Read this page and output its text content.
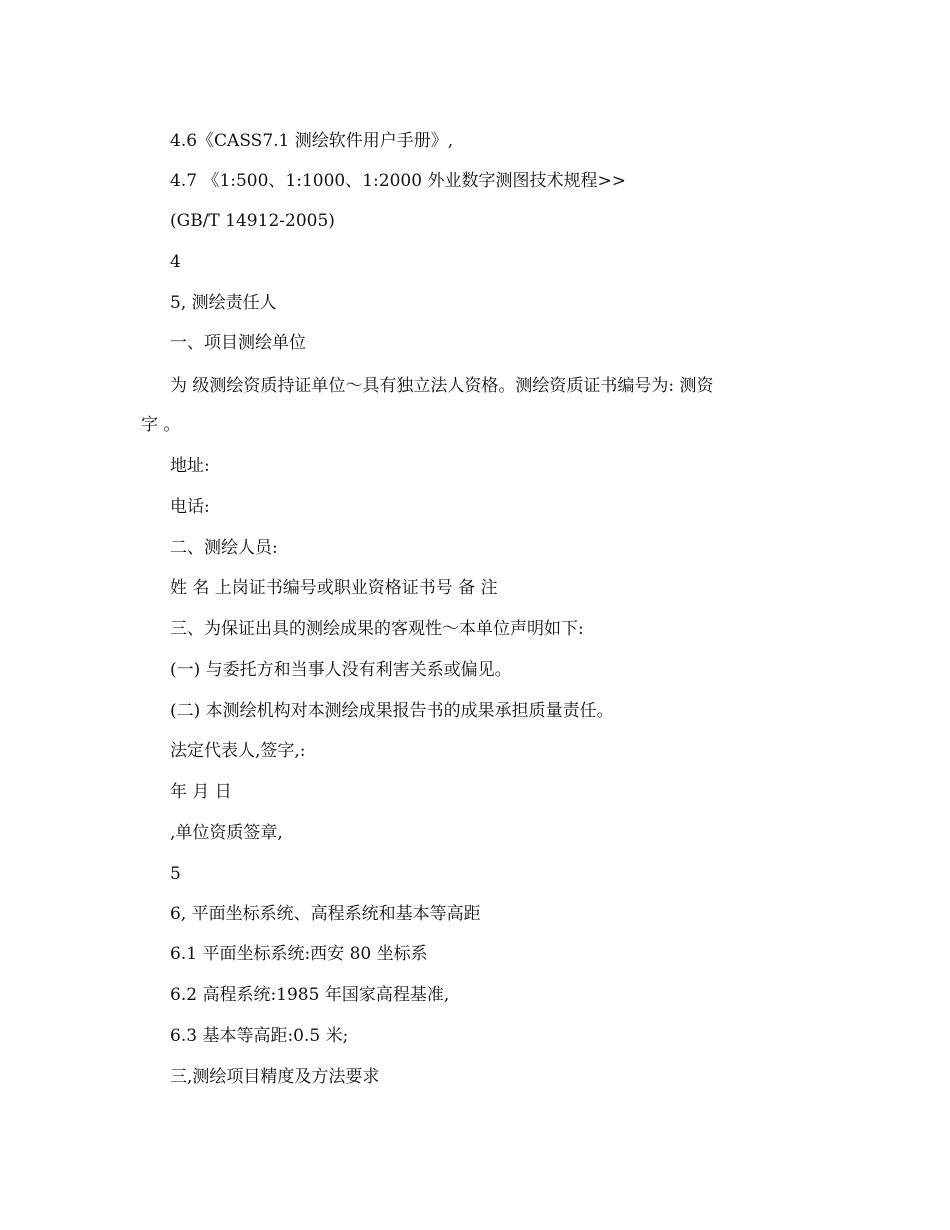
4.6《CASS7.1 测绘软件用户手册》,
4.7 《1:500、1:1000、1:2000 外业数字测图技术规程>>
(GB/T 14912-2005)
4
5, 测绘责任人
一、项目测绘单位
为 级测绘资质持证单位～具有独立法人资格。测绘资质证书编号为: 测资
字 。
地址:
电话:
二、测绘人员:
姓 名 上岗证书编号或职业资格证书号 备 注
三、为保证出具的测绘成果的客观性～本单位声明如下:
(一) 与委托方和当事人没有利害关系或偏见。
(二) 本测绘机构对本测绘成果报告书的成果承担质量责任。
法定代表人,签字,:
年 月 日
,单位资质签章,
5
6, 平面坐标系统、高程系统和基本等高距
6.1 平面坐标系统:西安 80 坐标系
6.2 高程系统:1985 年国家高程基准,
6.3 基本等高距:0.5 米;
三,测绘项目精度及方法要求
